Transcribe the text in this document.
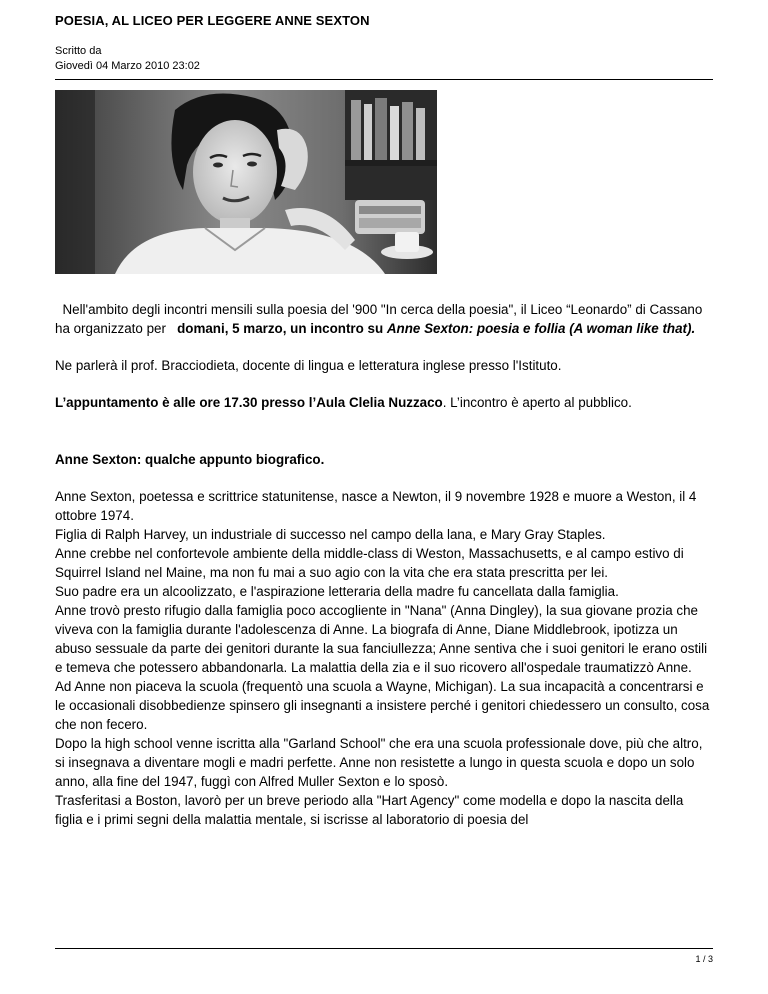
POESIA, AL LICEO PER LEGGERE ANNE SEXTON
Scritto da
Giovedì 04 Marzo 2010 23:02

Nell'ambito degli incontri mensili sulla poesia del '900 "In cerca della poesia", il Liceo “Leonardo” di Cassano ha organizzato per   domani, 5 marzo, un incontro su Anne Sexton: poesia e follia (A woman like that).

Ne parlerà il prof. Bracciodieta, docente di lingua e letteratura inglese presso l'Istituto.

L’appuntamento è alle ore 17.30 presso l’Aula Clelia Nuzzaco. L’incontro è aperto al pubblico.

Anne Sexton: qualche appunto biografico.

Anne Sexton, poetessa e scrittrice statunitense, nasce a Newton, il 9 novembre 1928 e muore a Weston, il 4 ottobre 1974.

Figlia di Ralph Harvey, un industriale di successo nel campo della lana, e Mary Gray Staples.

Anne crebbe nel confortevole ambiente della middle-class di Weston, Massachusetts, e al campo estivo di Squirrel Island nel Maine, ma non fu mai a suo agio con la vita che era stata prescritta per lei.

Suo padre era un alcoolizzato, e l'aspirazione letteraria della madre fu cancellata dalla famiglia.

Anne trovò presto rifugio dalla famiglia poco accogliente in "Nana" (Anna Dingley), la sua giovane prozia che viveva con la famiglia durante l'adolescenza di Anne. La biografa di Anne, Diane Middlebrook, ipotizza un abuso sessuale da parte dei genitori durante la sua fanciullezza; Anne sentiva che i suoi genitori le erano ostili e temeva che potessero abbandonarla. La malattia della zia e il suo ricovero all'ospedale traumatizzò Anne.

Ad Anne non piaceva la scuola (frequentò una scuola a Wayne, Michigan). La sua incapacità a concentrarsi e le occasionali disobbedienze spinsero gli insegnanti a insistere perché i genitori chiedessero un consulto, cosa che non fecero.

Dopo la high school venne iscritta alla "Garland School" che era una scuola professionale dove, più che altro, si insegnava a diventare mogli e madri perfette. Anne non resistette a lungo in questa scuola e dopo un solo anno, alla fine del 1947, fuggì con Alfred Muller Sexton e lo sposò.

Trasferitasi a Boston, lavorò per un breve periodo alla "Hart Agency" come modella e dopo la nascita della figlia e i primi segni della malattia mentale, si iscrisse al laboratorio di poesia del

1 / 3
